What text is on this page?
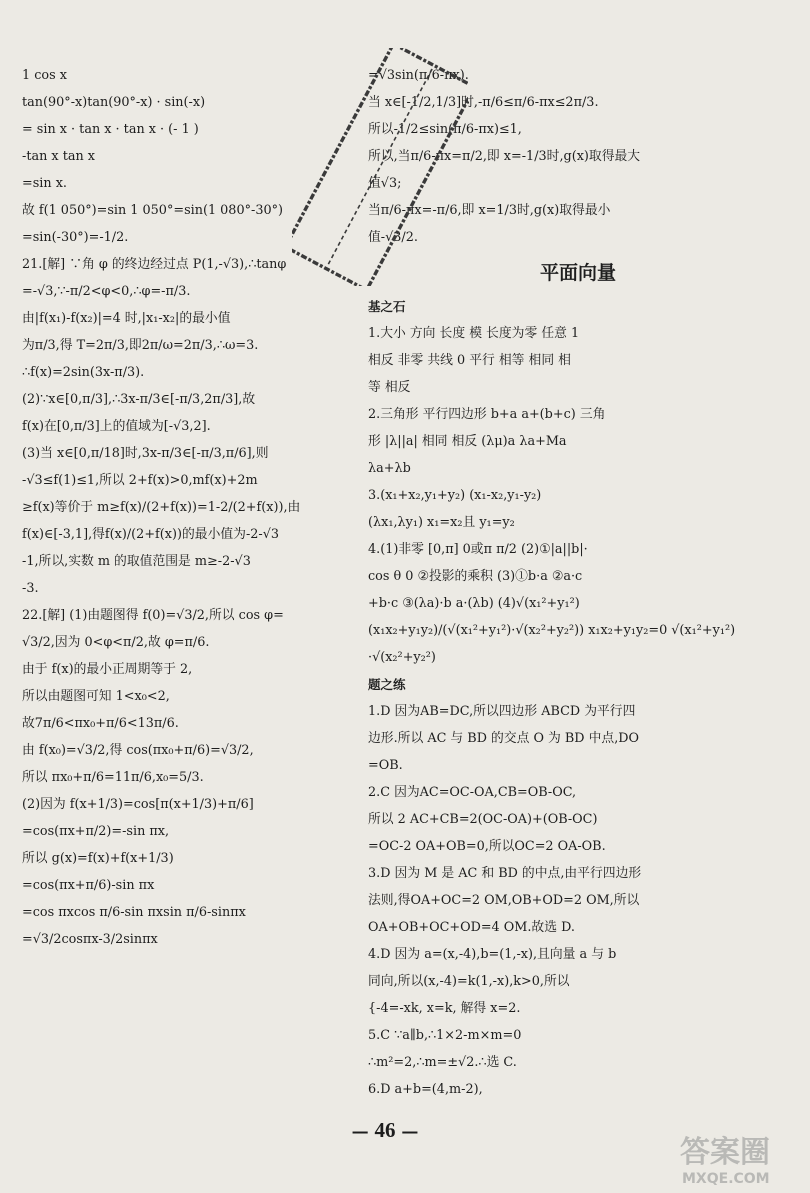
1 cos x
tan(90°-x)tan(90°-x) · sin(-x)
= sin x · tan x · tan x · (- 1 )
-tan x tan x
=sin x.
故 f(1 050°)=sin 1 050°=sin(1 080°-30°)
=sin(-30°)=-1/2.
21.[解] ∵角 φ 的终边经过点 P(1,-√3),∴tanφ
=-√3,∵-π/2<φ<0,∴φ=-π/3.
由|f(x₁)-f(x₂)|=4 时,|x₁-x₂|的最小值
为π/3,得 T=2π/3,即2π/ω=2π/3,∴ω=3.
∴f(x)=2sin(3x-π/3).
(2)∵x∈[0,π/3],∴3x-π/3∈[-π/3,2π/3],故
f(x)在[0,π/3]上的值域为[-√3,2].
(3)当 x∈[0,π/18]时,3x-π/3∈[-π/3,π/6],则
-√3≤f(1)≤1,所以 2+f(x)>0,mf(x)+2m
≥f(x)等价于 m≥f(x)/(2+f(x))=1-2/(2+f(x)),由
f(x)∈[-3,1],得f(x)/(2+f(x))的最小值为-2-√3
-1,所以,实数 m 的取值范围是 m≥-2-√3
-3.
22.[解] (1)由题图得 f(0)=√3/2,所以 cos φ=
√3/2,因为 0<φ<π/2,故 φ=π/6.
由于 f(x)的最小正周期等于 2,
所以由题图可知 1<x₀<2,
故7π/6<πx₀+π/6<13π/6.
由 f(x₀)=√3/2,得 cos(πx₀+π/6)=√3/2,
所以 πx₀+π/6=11π/6,x₀=5/3.
(2)因为 f(x+1/3)=cos[π(x+1/3)+π/6]
=cos(πx+π/2)=-sin πx,
所以 g(x)=f(x)+f(x+1/3)
=cos(πx+π/6)-sin πx
=cos πxcos π/6-sin πxsin π/6-sinπx
=√3/2cosπx-3/2sinπx
=√3sin(π/6-πx).
当 x∈[-1/2,1/3]时,-π/6≤π/6-πx≤2π/3.
所以-1/2≤sin(π/6-πx)≤1,
所以,当π/6-πx=π/2,即 x=-1/3时,g(x)取得最大
值√3;
当π/6-πx=-π/6,即 x=1/3时,g(x)取得最小
值-√3/2.
平面向量
基之石
1.大小 方向 长度 模 长度为零 任意 1
相反 非零 共线 0 平行 相等 相同 相
等 相反
2.三角形 平行四边形 b+a a+(b+c) 三角
形 |λ||a| 相同 相反 (λμ)a λa+Ma
λa+λb
3.(x₁+x₂,y₁+y₂) (x₁-x₂,y₁-y₂)
(λx₁,λy₁) x₁=x₂且 y₁=y₂
4.(1)非零 [0,π] 0或π π/2 (2)①|a||b|·
cos θ 0 ②投影的乘积 (3)①b·a ②a·c
+b·c ③(λa)·b a·(λb) (4)√(x₁²+y₁²)
(x₁x₂+y₁y₂)/(√(x₁²+y₁²)·√(x₂²+y₂²)) x₁x₂+y₁y₂=0 √(x₁²+y₁²)
·√(x₂²+y₂²)
题之练
1.D 因为AB=DC,所以四边形 ABCD 为平行四
边形.所以 AC 与 BD 的交点 O 为 BD 中点,DO
=OB.
2.C 因为AC=OC-OA,CB=OB-OC,
所以 2 AC+CB=2(OC-OA)+(OB-OC)
=OC-2 OA+OB=0,所以OC=2 OA-OB.
3.D 因为 M 是 AC 和 BD 的中点,由平行四边形
法则,得OA+OC=2 OM,OB+OD=2 OM,所以
OA+OB+OC+OD=4 OM.故选 D.
4.D 因为 a=(x,-4),b=(1,-x),且向量 a 与 b
同向,所以(x,-4)=k(1,-x),k>0,所以
{-4=-xk, x=k, 解得 x=2.
5.C ∵a∥b,∴1×2-m×m=0
∴m²=2,∴m=±√2.∴选 C.
6.D a+b=(4,m-2),
— 46 —
答案圈
MXQE.COM
